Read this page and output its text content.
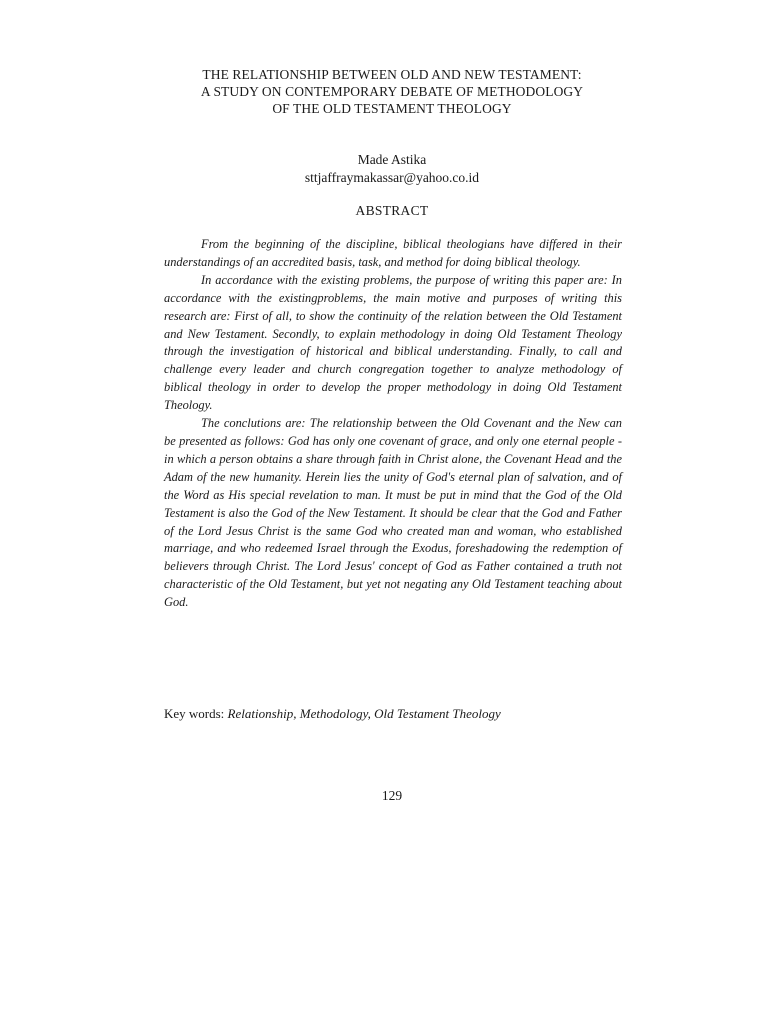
THE RELATIONSHIP BETWEEN OLD AND NEW TESTAMENT:
A STUDY ON CONTEMPORARY DEBATE OF METHODOLOGY
OF THE OLD TESTAMENT THEOLOGY
Made Astika
sttjaffraymakassar@yahoo.co.id
ABSTRACT

From the beginning of the discipline, biblical theologians have differed in their understandings of an accredited basis, task, and method for doing biblical theology.

In accordance with the existing problems, the purpose of writing this paper are: In accordance with the existingproblems, the main motive and purposes of writing this research are: First of all, to show the continuity of the relation between the Old Testament and New Testament. Secondly, to explain methodology in doing Old Testament Theology through the investigation of historical and biblical understanding. Finally, to call and challenge every leader and church congregation together to analyze methodology of biblical theology in order to develop the proper methodology in doing Old Testament Theology.

The conclutions are: The relationship between the Old Covenant and the New can be presented as follows: God has only one covenant of grace, and only one eternal people - in which a person obtains a share through faith in Christ alone, the Covenant Head and the Adam of the new humanity. Herein lies the unity of God's eternal plan of salvation, and of the Word as His special revelation to man. It must be put in mind that the God of the Old Testament is also the God of the New Testament. It should be clear that the God and Father of the Lord Jesus Christ is the same God who created man and woman, who established marriage, and who redeemed Israel through the Exodus, foreshadowing the redemption of believers through Christ. The Lord Jesus' concept of God as Father contained a truth not characteristic of the Old Testament, but yet not negating any Old Testament teaching about God.

Key words: Relationship, Methodology, Old Testament Theology
129
